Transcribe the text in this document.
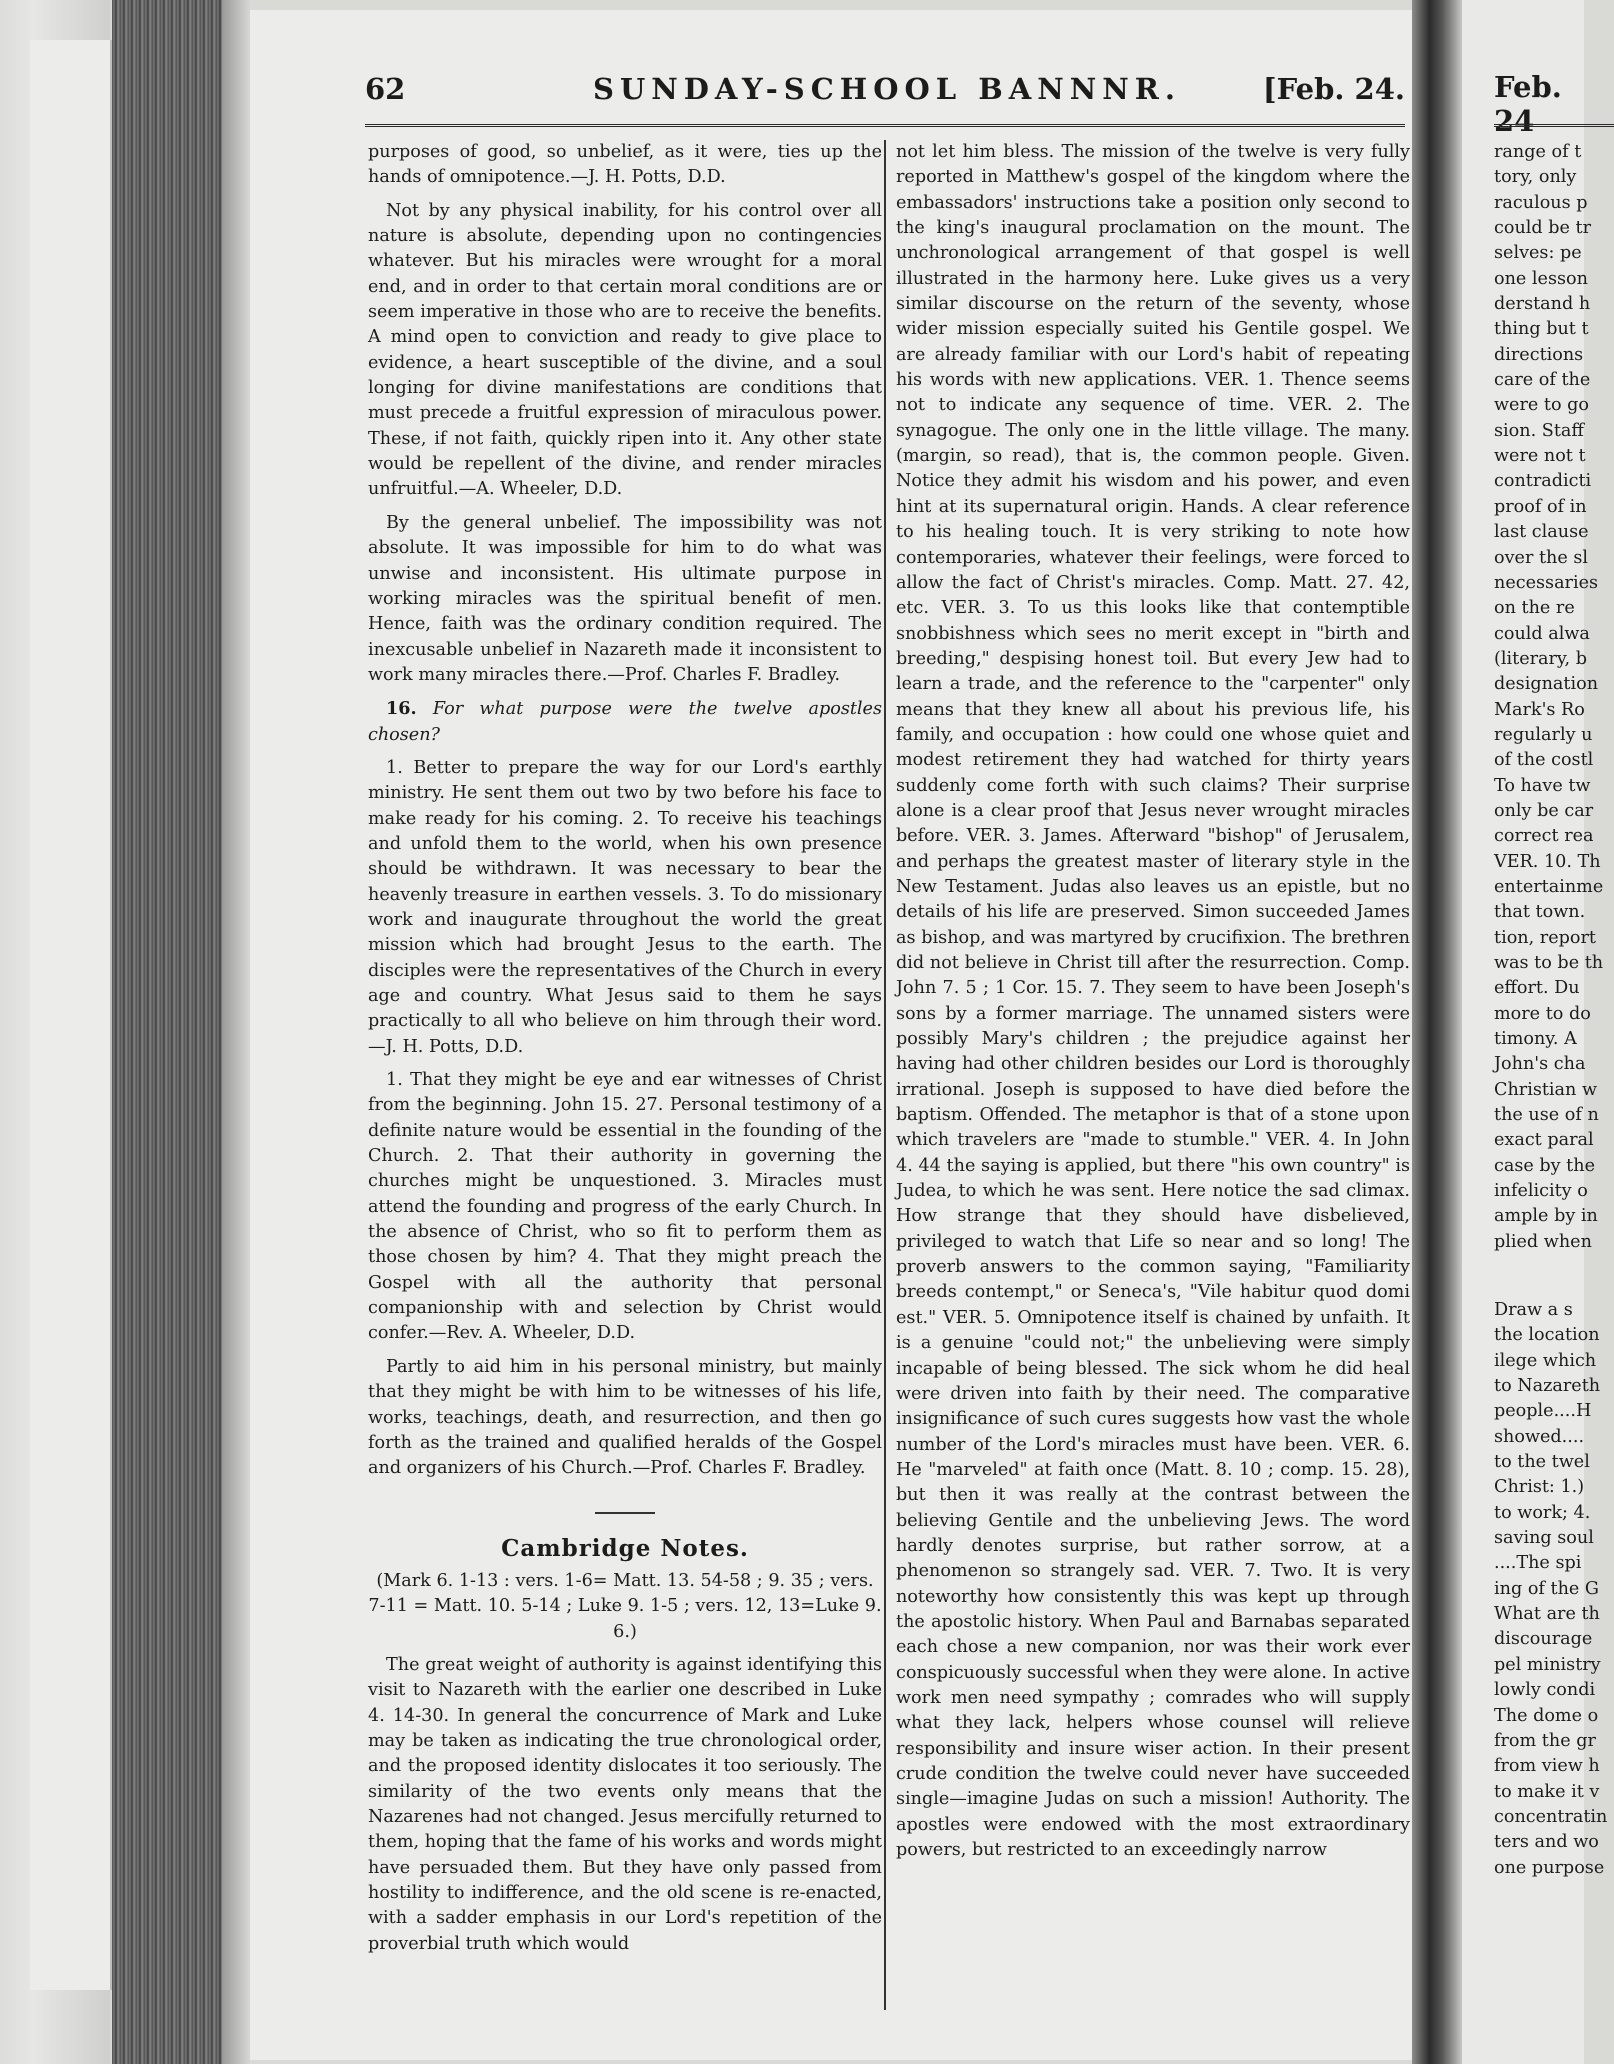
Feb. 24
range of t
tory, only
raculous p
could be tr
selves: pe
one lesson
derstand h
thing but t
directions
care of the
were to go
sion. Staff
were not t
contradicti
proof of in
last clause
over the sl
necessaries
on the re
could alwa
(literary, b
designation
Mark's Ro
regularly u
of the costl
To have tw
only be car
correct rea
VER. 10. Th
entertainme
that town.
tion, report
was to be th
effort. Du
more to do
timony. A
John's cha
Christian w
the use of n
exact paral
case by the
infelicity o
ample by in
plied when
Draw a s
the location
ilege which
to Nazareth
people....H
showed....
to the twel
Christ: 1.)
to work; 4.
saving soul
....The spi
ing of the G
What are th
discourage
pel ministry
lowly condi
The dome o
from the gr
from view h
to make it v
concentratin
ters and wo
one purpose
62	SUNDAY-SCHOOL BANNNR.	[Feb. 24.

purposes of good, so unbelief, as it were, ties up the hands of omnipotence.—J. H. Potts, D.D.

Not by any physical inability, for his control over all nature is absolute, depending upon no contingencies whatever. But his miracles were wrought for a moral end, and in order to that certain moral conditions are or seem imperative in those who are to receive the benefits. A mind open to conviction and ready to give place to evidence, a heart susceptible of the divine, and a soul longing for divine manifestations are conditions that must precede a fruitful expression of miraculous power. These, if not faith, quickly ripen into it. Any other state would be repellent of the divine, and render miracles unfruitful.—A. Wheeler, D.D.

By the general unbelief. The impossibility was not absolute. It was impossible for him to do what was unwise and inconsistent. His ultimate purpose in working miracles was the spiritual benefit of men. Hence, faith was the ordinary condition required. The inexcusable unbelief in Nazareth made it inconsistent to work many miracles there.—Prof. Charles F. Bradley.

16. For what purpose were the twelve apostles chosen?

1. Better to prepare the way for our Lord's earthly ministry. He sent them out two by two before his face to make ready for his coming. 2. To receive his teachings and unfold them to the world, when his own presence should be withdrawn. It was necessary to bear the heavenly treasure in earthen vessels. 3. To do missionary work and inaugurate throughout the world the great mission which had brought Jesus to the earth. The disciples were the representatives of the Church in every age and country. What Jesus said to them he says practically to all who believe on him through their word.—J. H. Potts, D.D.

1. That they might be eye and ear witnesses of Christ from the beginning. John 15. 27. Personal testimony of a definite nature would be essential in the founding of the Church. 2. That their authority in governing the churches might be unquestioned. 3. Miracles must attend the founding and progress of the early Church. In the absence of Christ, who so fit to perform them as those chosen by him? 4. That they might preach the Gospel with all the authority that personal companionship with and selection by Christ would confer.—Rev. A. Wheeler, D.D.

Partly to aid him in his personal ministry, but mainly that they might be with him to be witnesses of his life, works, teachings, death, and resurrection, and then go forth as the trained and qualified heralds of the Gospel and organizers of his Church.—Prof. Charles F. Bradley.

Cambridge Notes.

(Mark 6. 1-13 : vers. 1-6= Matt. 13. 54-58 ; 9. 35 ; vers. 7-11 = Matt. 10. 5-14 ; Luke 9. 1-5 ; vers. 12, 13=Luke 9. 6.)

The great weight of authority is against identifying this visit to Nazareth with the earlier one described in Luke 4. 14-30. In general the concurrence of Mark and Luke may be taken as indicating the true chronological order, and the proposed identity dislocates it too seriously. The similarity of the two events only means that the Nazarenes had not changed. Jesus mercifully returned to them, hoping that the fame of his works and words might have persuaded them. But they have only passed from hostility to indifference, and the old scene is re-enacted, with a sadder emphasis in our Lord's repetition of the proverbial truth which would

not let him bless. The mission of the twelve is very fully reported in Matthew's gospel of the kingdom where the embassadors' instructions take a position only second to the king's inaugural proclamation on the mount. The unchronological arrangement of that gospel is well illustrated in the harmony here. Luke gives us a very similar discourse on the return of the seventy, whose wider mission especially suited his Gentile gospel. We are already familiar with our Lord's habit of repeating his words with new applications. VER. 1. Thence seems not to indicate any sequence of time. VER. 2. The synagogue. The only one in the little village. The many. (margin, so read), that is, the common people. Given. Notice they admit his wisdom and his power, and even hint at its supernatural origin. Hands. A clear reference to his healing touch. It is very striking to note how contemporaries, whatever their feelings, were forced to allow the fact of Christ's miracles. Comp. Matt. 27. 42, etc. VER. 3. To us this looks like that contemptible snobbishness which sees no merit except in "birth and breeding," despising honest toil. But every Jew had to learn a trade, and the reference to the "carpenter" only means that they knew all about his previous life, his family, and occupation : how could one whose quiet and modest retirement they had watched for thirty years suddenly come forth with such claims? Their surprise alone is a clear proof that Jesus never wrought miracles before. VER. 3. James. Afterward "bishop" of Jerusalem, and perhaps the greatest master of literary style in the New Testament. Judas also leaves us an epistle, but no details of his life are preserved. Simon succeeded James as bishop, and was martyred by crucifixion. The brethren did not believe in Christ till after the resurrection. Comp. John 7. 5 ; 1 Cor. 15. 7. They seem to have been Joseph's sons by a former marriage. The unnamed sisters were possibly Mary's children ; the prejudice against her having had other children besides our Lord is thoroughly irrational. Joseph is supposed to have died before the baptism. Offended. The metaphor is that of a stone upon which travelers are "made to stumble." VER. 4. In John 4. 44 the saying is applied, but there "his own country" is Judea, to which he was sent. Here notice the sad climax. How strange that they should have disbelieved, privileged to watch that Life so near and so long! The proverb answers to the common saying, "Familiarity breeds contempt," or Seneca's, "Vile habitur quod domi est." VER. 5. Omnipotence itself is chained by unfaith. It is a genuine "could not;" the unbelieving were simply incapable of being blessed. The sick whom he did heal were driven into faith by their need. The comparative insignificance of such cures suggests how vast the whole number of the Lord's miracles must have been. VER. 6. He "marveled" at faith once (Matt. 8. 10 ; comp. 15. 28), but then it was really at the contrast between the believing Gentile and the unbelieving Jews. The word hardly denotes surprise, but rather sorrow, at a phenomenon so strangely sad. VER. 7. Two. It is very noteworthy how consistently this was kept up through the apostolic history. When Paul and Barnabas separated each chose a new companion, nor was their work ever conspicuously successful when they were alone. In active work men need sympathy ; comrades who will supply what they lack, helpers whose counsel will relieve responsibility and insure wiser action. In their present crude condition the twelve could never have succeeded single—imagine Judas on such a mission! Authority. The apostles were endowed with the most extraordinary powers, but restricted to an exceedingly narrow
